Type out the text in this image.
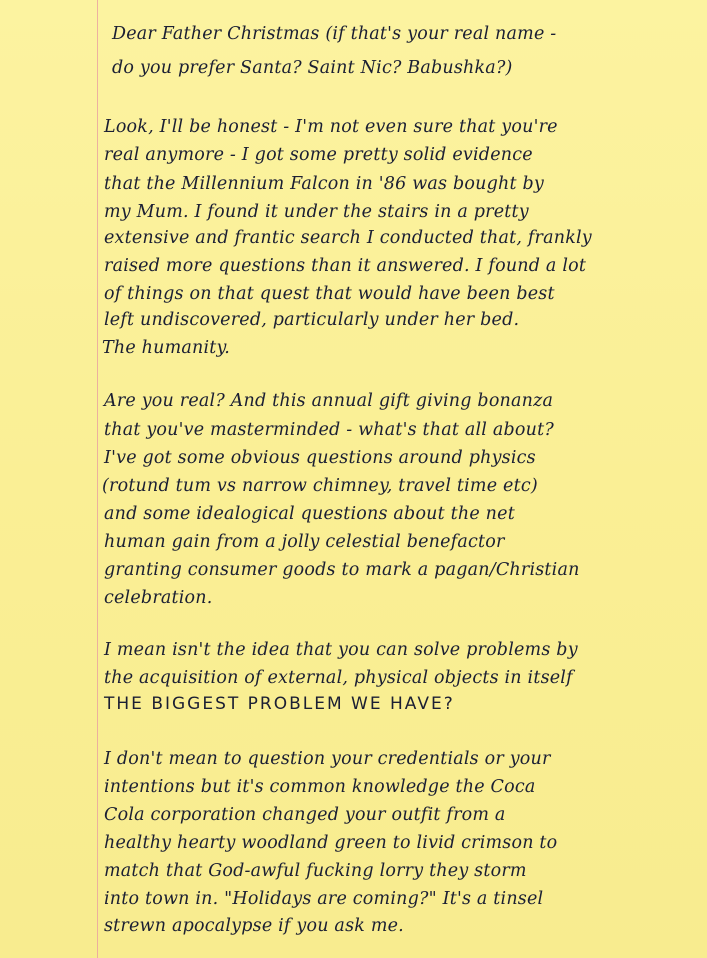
Dear Father Christmas (if that's your real name -
do you prefer Santa? Saint Nic? Babushka?)
Look, I'll be honest - I'm not even sure that you're
real anymore - I got some pretty solid evidence
that the Millennium Falcon in '86 was bought by
my Mum. I found it under the stairs in a pretty
extensive and frantic search I conducted that, frankly
raised more questions than it answered. I found a lot
of things on that quest that would have been best
left undiscovered, particularly under her bed.
The humanity.
Are you real? And this annual gift giving bonanza
that you've masterminded - what's that all about?
I've got some obvious questions around physics
(rotund tum vs narrow chimney, travel time etc)
and some idealogical questions about the net
human gain from a jolly celestial benefactor
granting consumer goods to mark a pagan/Christian
celebration.
I mean isn't the idea that you can solve problems by
the acquisition of external, physical objects in itself
THE BIGGEST PROBLEM WE HAVE?
I don't mean to question your credentials or your
intentions but it's common knowledge the Coca
Cola corporation changed your outfit from a
healthy hearty woodland green to livid crimson to
match that God-awful fucking lorry they storm
into town in. "Holidays are coming?" It's a tinsel
strewn apocalypse if you ask me.
